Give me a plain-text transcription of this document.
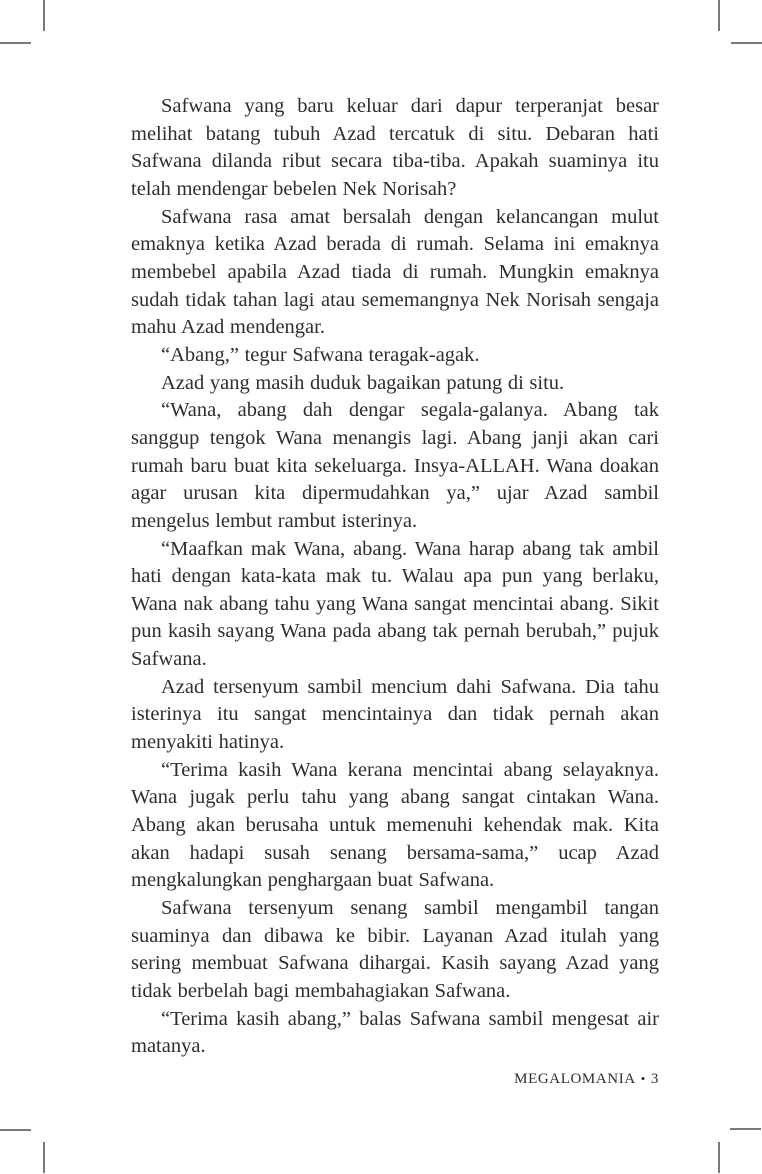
Safwana yang baru keluar dari dapur terperanjat besar melihat batang tubuh Azad tercatuk di situ. Debaran hati Safwana dilanda ribut secara tiba-tiba. Apakah suaminya itu telah mendengar bebelen Nek Norisah?

Safwana rasa amat bersalah dengan kelancangan mulut emaknya ketika Azad berada di rumah. Selama ini emaknya membebel apabila Azad tiada di rumah. Mungkin emaknya sudah tidak tahan lagi atau sememangnya Nek Norisah sengaja mahu Azad mendengar.

“Abang,” tegur Safwana teragak-agak.

Azad yang masih duduk bagaikan patung di situ.

“Wana, abang dah dengar segala-galanya. Abang tak sanggup tengok Wana menangis lagi. Abang janji akan cari rumah baru buat kita sekeluarga. Insya-ALLAH. Wana doakan agar urusan kita dipermudahkan ya,” ujar Azad sambil mengelus lembut rambut isterinya.

“Maafkan mak Wana, abang. Wana harap abang tak ambil hati dengan kata-kata mak tu. Walau apa pun yang berlaku, Wana nak abang tahu yang Wana sangat mencintai abang. Sikit pun kasih sayang Wana pada abang tak pernah berubah,” pujuk Safwana.

Azad tersenyum sambil mencium dahi Safwana. Dia tahu isterinya itu sangat mencintainya dan tidak pernah akan menyakiti hatinya.

“Terima kasih Wana kerana mencintai abang selayaknya. Wana jugak perlu tahu yang abang sangat cintakan Wana. Abang akan berusaha untuk memenuhi kehendak mak. Kita akan hadapi susah senang bersama-sama,” ucap Azad mengkalungkan penghargaan buat Safwana.

Safwana tersenyum senang sambil mengambil tangan suaminya dan dibawa ke bibir. Layanan Azad itulah yang sering membuat Safwana dihargai. Kasih sayang Azad yang tidak berbelah bagi membahagiakan Safwana.

“Terima kasih abang,” balas Safwana sambil mengesat air matanya.

MEGALOMANIA • 3
